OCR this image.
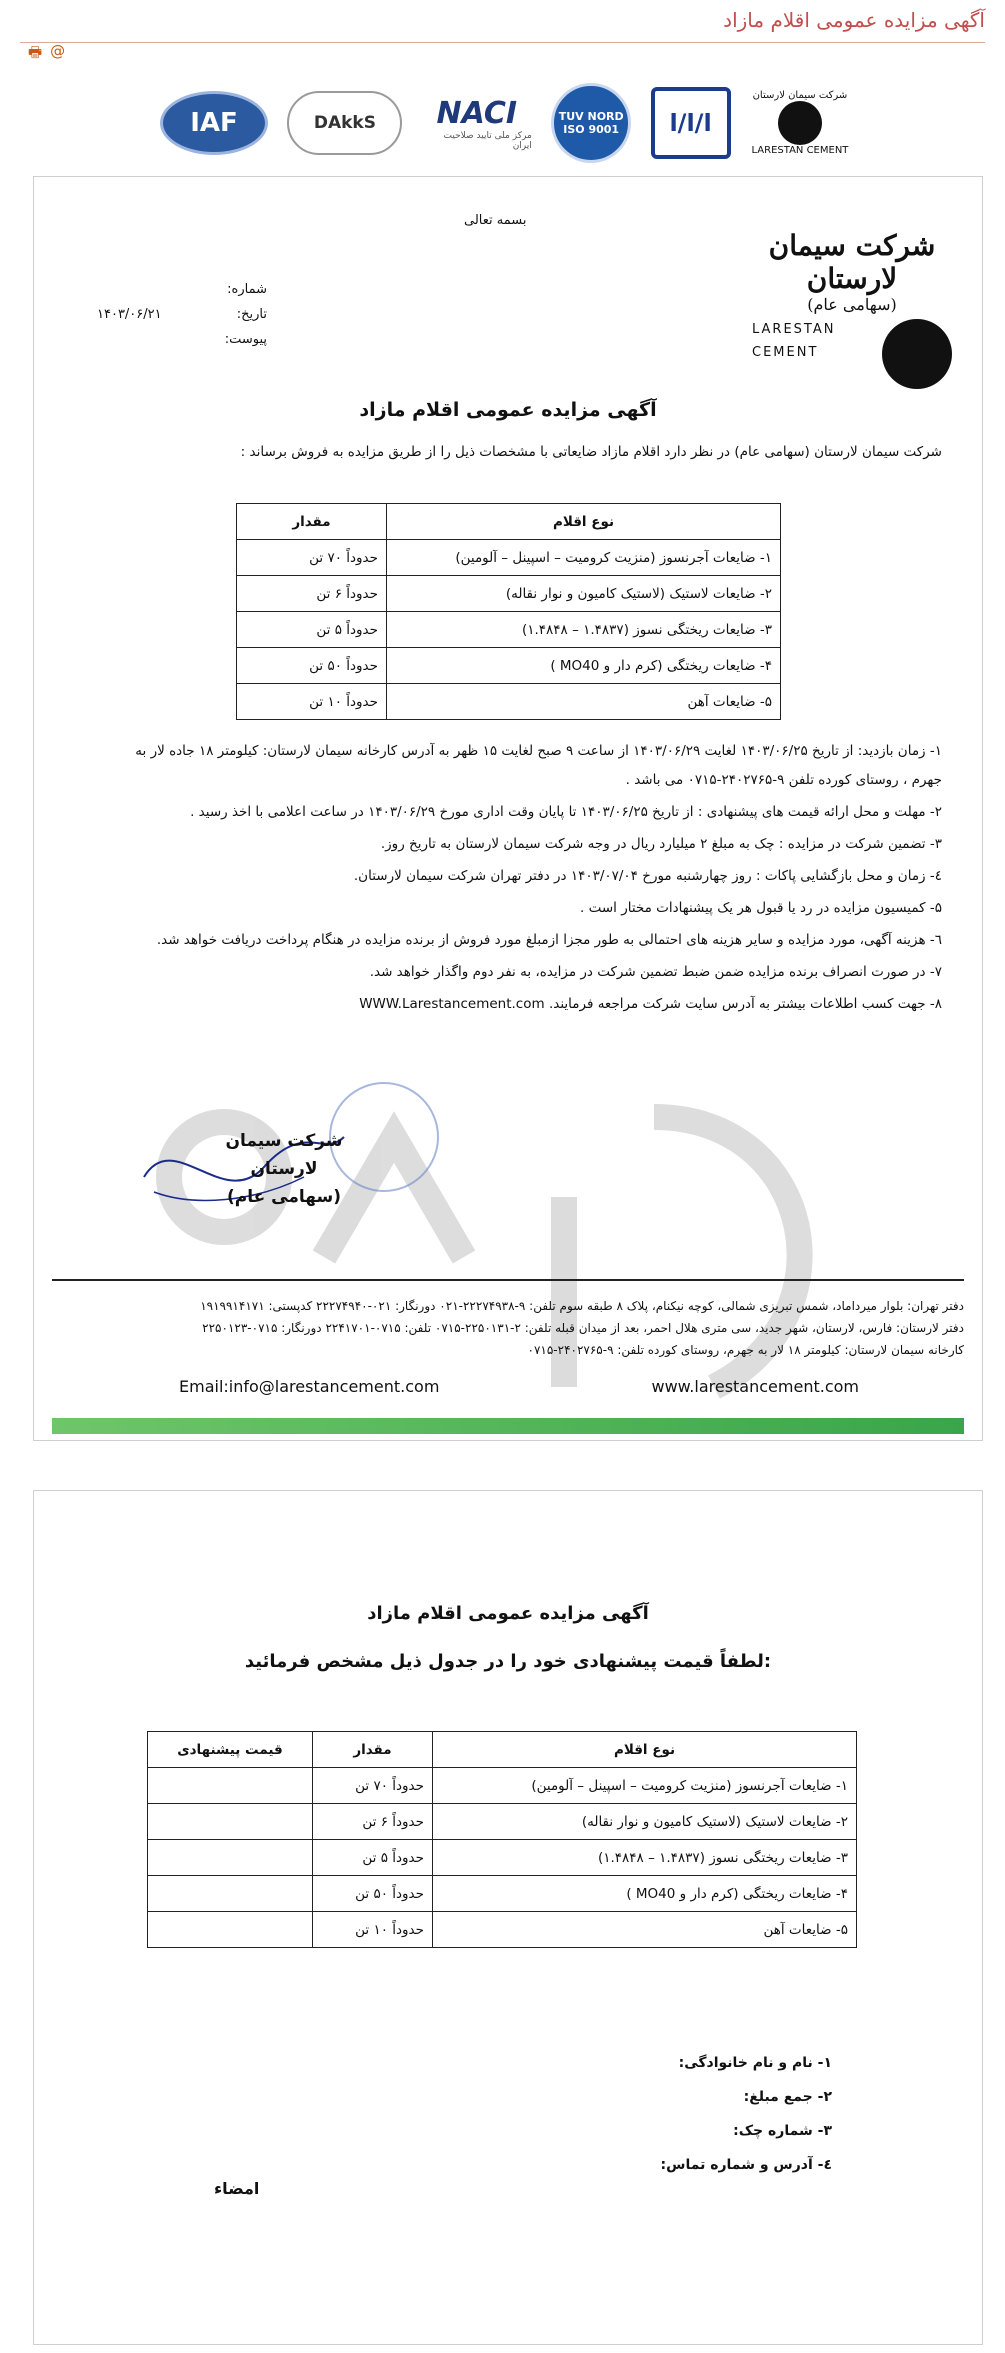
آگهی مزایده عمومی اقلام مازاد
🖶 @
IAF	DAkkS	NACI
مرکز ملی تایید صلاحیت ایران
TUV NORD
ISO 9001	ا/ا/ا
شرکت سیمان لارستان
LARESTAN CEMENT
بسمه تعالی
شماره:
تاریخ:
۱۴۰۳/۰۶/۲۱
پیوست:
شرکت سیمان لارستان
(سهامی عام)
LARESTAN
CEMENT
آگهی مزایده عمومی اقلام مازاد
شرکت سیمان لارستان (سهامی عام) در نظر دارد اقلام مازاد ضایعاتی با مشخصات ذیل را از طریق مزایده به فروش برساند :
نوع اقلام	مقدار
۱- ضایعات آجرنسوز (منزیت کرومیت – اسپینل – آلومین)	حدوداً ۷۰ تن
۲- ضایعات لاستیک (لاستیک کامیون و نوار نقاله)	حدوداً ۶ تن
۳- ضایعات ریختگی نسوز (۱.۴۸۳۷ – ۱.۴۸۴۸)	حدوداً ۵ تن
۴- ضایعات ریختگی (کرم دار و MO40 )	حدوداً ۵۰ تن
۵- ضایعات آهن	حدوداً ۱۰ تن

۱- زمان بازدید: از تاریخ ۱۴۰۳/۰۶/۲۵ لغایت ۱۴۰۳/۰۶/۲۹ از ساعت ۹ صبح لغایت ۱۵ ظهر به آدرس کارخانه سیمان لارستان: کیلومتر ۱۸ جاده لار به جهرم ، روستای کورده تلفن ۹-۲۴۰۲۷۶۵-۰۷۱۵ می باشد .

۲- مهلت و محل ارائه قیمت های پیشنهادی : از تاریخ ۱۴۰۳/۰۶/۲۵ تا پایان وقت اداری مورخ ۱۴۰۳/۰۶/۲۹ در ساعت اعلامی با اخذ رسید .

۳- تضمین شرکت در مزایده : چک به مبلغ ۲ میلیارد ریال در وجه شرکت سیمان لارستان به تاریخ روز.

٤- زمان و محل بازگشایی پاکات : روز چهارشنبه مورخ ۱۴۰۳/۰۷/۰۴ در دفتر تهران شرکت سیمان لارستان.

۵- کمیسیون مزایده در رد یا قبول هر یک پیشنهادات مختار است .

٦- هزینه آگهی، مورد مزایده و سایر هزینه های احتمالی به طور مجزا ازمبلغ مورد فروش از برنده مزایده در هنگام پرداخت دریافت خواهد شد.

۷- در صورت انصراف برنده مزایده ضمن ضبط تضمین شرکت در مزایده، به نفر دوم واگذار خواهد شد.

۸- جهت کسب اطلاعات بیشتر به آدرس سایت شرکت مراجعه فرمایند. WWW.Larestancement.com

شرکت سیمان لارستان
(سهامی عام)
دفتر تهران: بلوار میرداماد، شمس تبریزی شمالی، کوچه نیکنام، پلاک ۸ طبقه سوم تلفن: ۹-۲۲۲۷۴۹۳۸-۰۲۱ دورنگار: ۰۲۱-۲۲۲۷۴۹۴۰ کدپستی: ۱۹۱۹۹۱۴۱۷۱
دفتر لارستان: فارس، لارستان، شهر جدید، سی متری هلال احمر، بعد از میدان قبله تلفن: ۲-۲۲۵۰۱۳۱-۰۷۱۵ تلفن: ۰۷۱۵-۲۲۴۱۷۰۱ دورنگار: ۰۷۱۵-۲۲۵۰۱۲۳
کارخانه سیمان لارستان: کیلومتر ۱۸ لار به جهرم، روستای کورده تلفن: ۹-۲۴۰۲۷۶۵-۰۷۱۵
Email:info@larestancement.com	www.larestancement.com
آگهی مزایده عمومی اقلام مازاد
لطفاً قیمت پیشنهادی خود را در جدول ذیل مشخص فرمائید:
نوع اقلام	مقدار	قیمت پیشنهادی
۱- ضایعات آجرنسوز (منزیت کرومیت – اسپینل – آلومین)	حدوداً ۷۰ تن	
۲- ضایعات لاستیک (لاستیک کامیون و نوار نقاله)	حدوداً ۶ تن	
۳- ضایعات ریختگی نسوز (۱.۴۸۳۷ – ۱.۴۸۴۸)	حدوداً ۵ تن	
۴- ضایعات ریختگی (کرم دار و MO40 )	حدوداً ۵۰ تن	
۵- ضایعات آهن	حدوداً ۱۰ تن	
۱- نام و نام خانوادگی:
۲- جمع مبلغ:
۳- شماره چک:
٤- آدرس و شماره تماس:
امضاء
